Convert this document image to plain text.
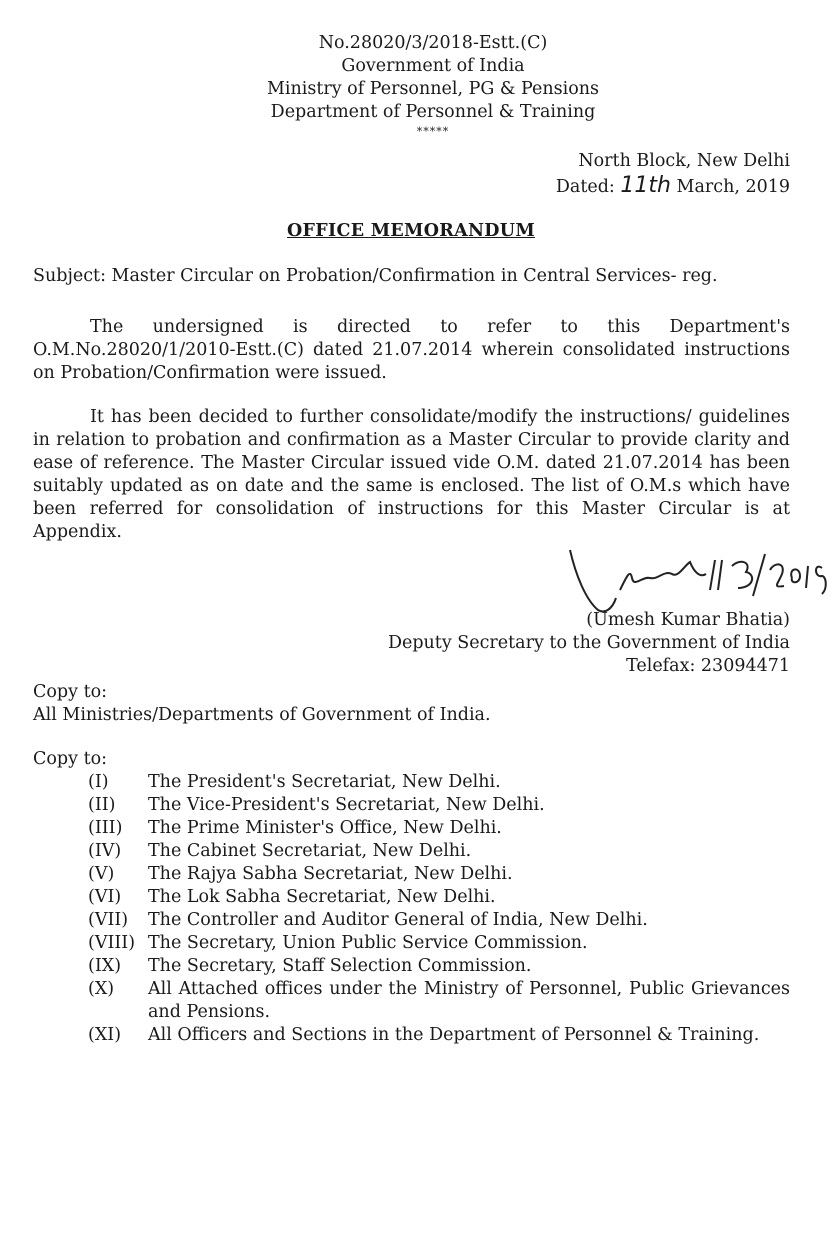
No.28020/3/2018-Estt.(C)
Government of India
Ministry of Personnel, PG & Pensions
Department of Personnel & Training
*****
North Block, New Delhi
Dated: 11th March, 2019
OFFICE MEMORANDUM
Subject: Master Circular on Probation/Confirmation in Central Services- reg.
The undersigned is directed to refer to this Department's O.M.No.28020/1/2010-Estt.(C) dated 21.07.2014 wherein consolidated instructions on Probation/Confirmation were issued.
It has been decided to further consolidate/modify the instructions/ guidelines in relation to probation and confirmation as a Master Circular to provide clarity and ease of reference. The Master Circular issued vide O.M. dated 21.07.2014 has been suitably updated as on date and the same is enclosed. The list of O.M.s which have been referred for consolidation of instructions for this Master Circular is at Appendix.
(Umesh Kumar Bhatia)
Deputy Secretary to the Government of India
Telefax: 23094471
Copy to:
All Ministries/Departments of Government of India.
Copy to:
(I)	The President's Secretariat, New Delhi.
(II)	The Vice-President's Secretariat, New Delhi.
(III)	The Prime Minister's Office, New Delhi.
(IV)	The Cabinet Secretariat, New Delhi.
(V)	The Rajya Sabha Secretariat, New Delhi.
(VI)	The Lok Sabha Secretariat, New Delhi.
(VII)	The Controller and Auditor General of India, New Delhi.
(VIII) The Secretary, Union Public Service Commission.
(IX)	The Secretary, Staff Selection Commission.
(X)	All Attached offices under the Ministry of Personnel, Public Grievances and Pensions.
(XI)	All Officers and Sections in the Department of Personnel & Training.
